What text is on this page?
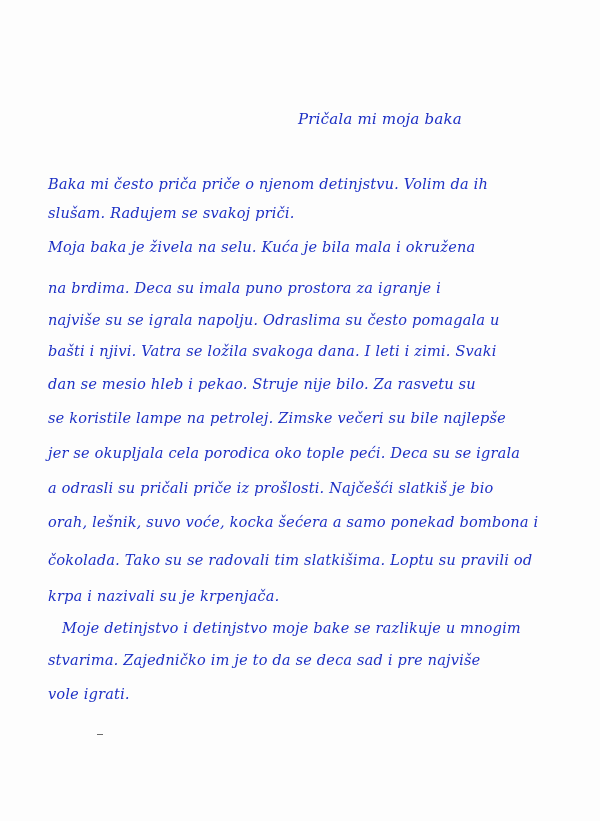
Pričala mi moja baka
Baka mi često priča priče o njenom detinjstvu. Volim da ih
slušam. Radujem se svakoj priči.
Moja baka je živela na selu. Kuća je bila mala i okružena
na brdima. Deca su imala puno prostora za igranje i
najviše su se igrala napolju. Odraslima su često pomagala u
bašti i njivi. Vatra se ložila svakoga dana. I leti i zimi. Svaki
dan se mesio hleb i pekao. Struje nije bilo. Za rasvetu su
se koristile lampe na petrolej. Zimske večeri su bile najlepše
jer se okupljala cela porodica oko tople peći. Deca su se igrala
a odrasli su pričali priče iz prošlosti. Najčešći slatkiš je bio
orah, lešnik, suvo voće, kocka šećera a samo ponekad bombona i
čokolada. Tako su se radovali tim slatkišima. Loptu su pravili od
krpa i nazivali su je krpenjača.
Moje detinjstvo i detinjstvo moje bake se razlikuje u mnogim
stvarima. Zajedničko im je to da se deca sad i pre najviše
vole igrati.
